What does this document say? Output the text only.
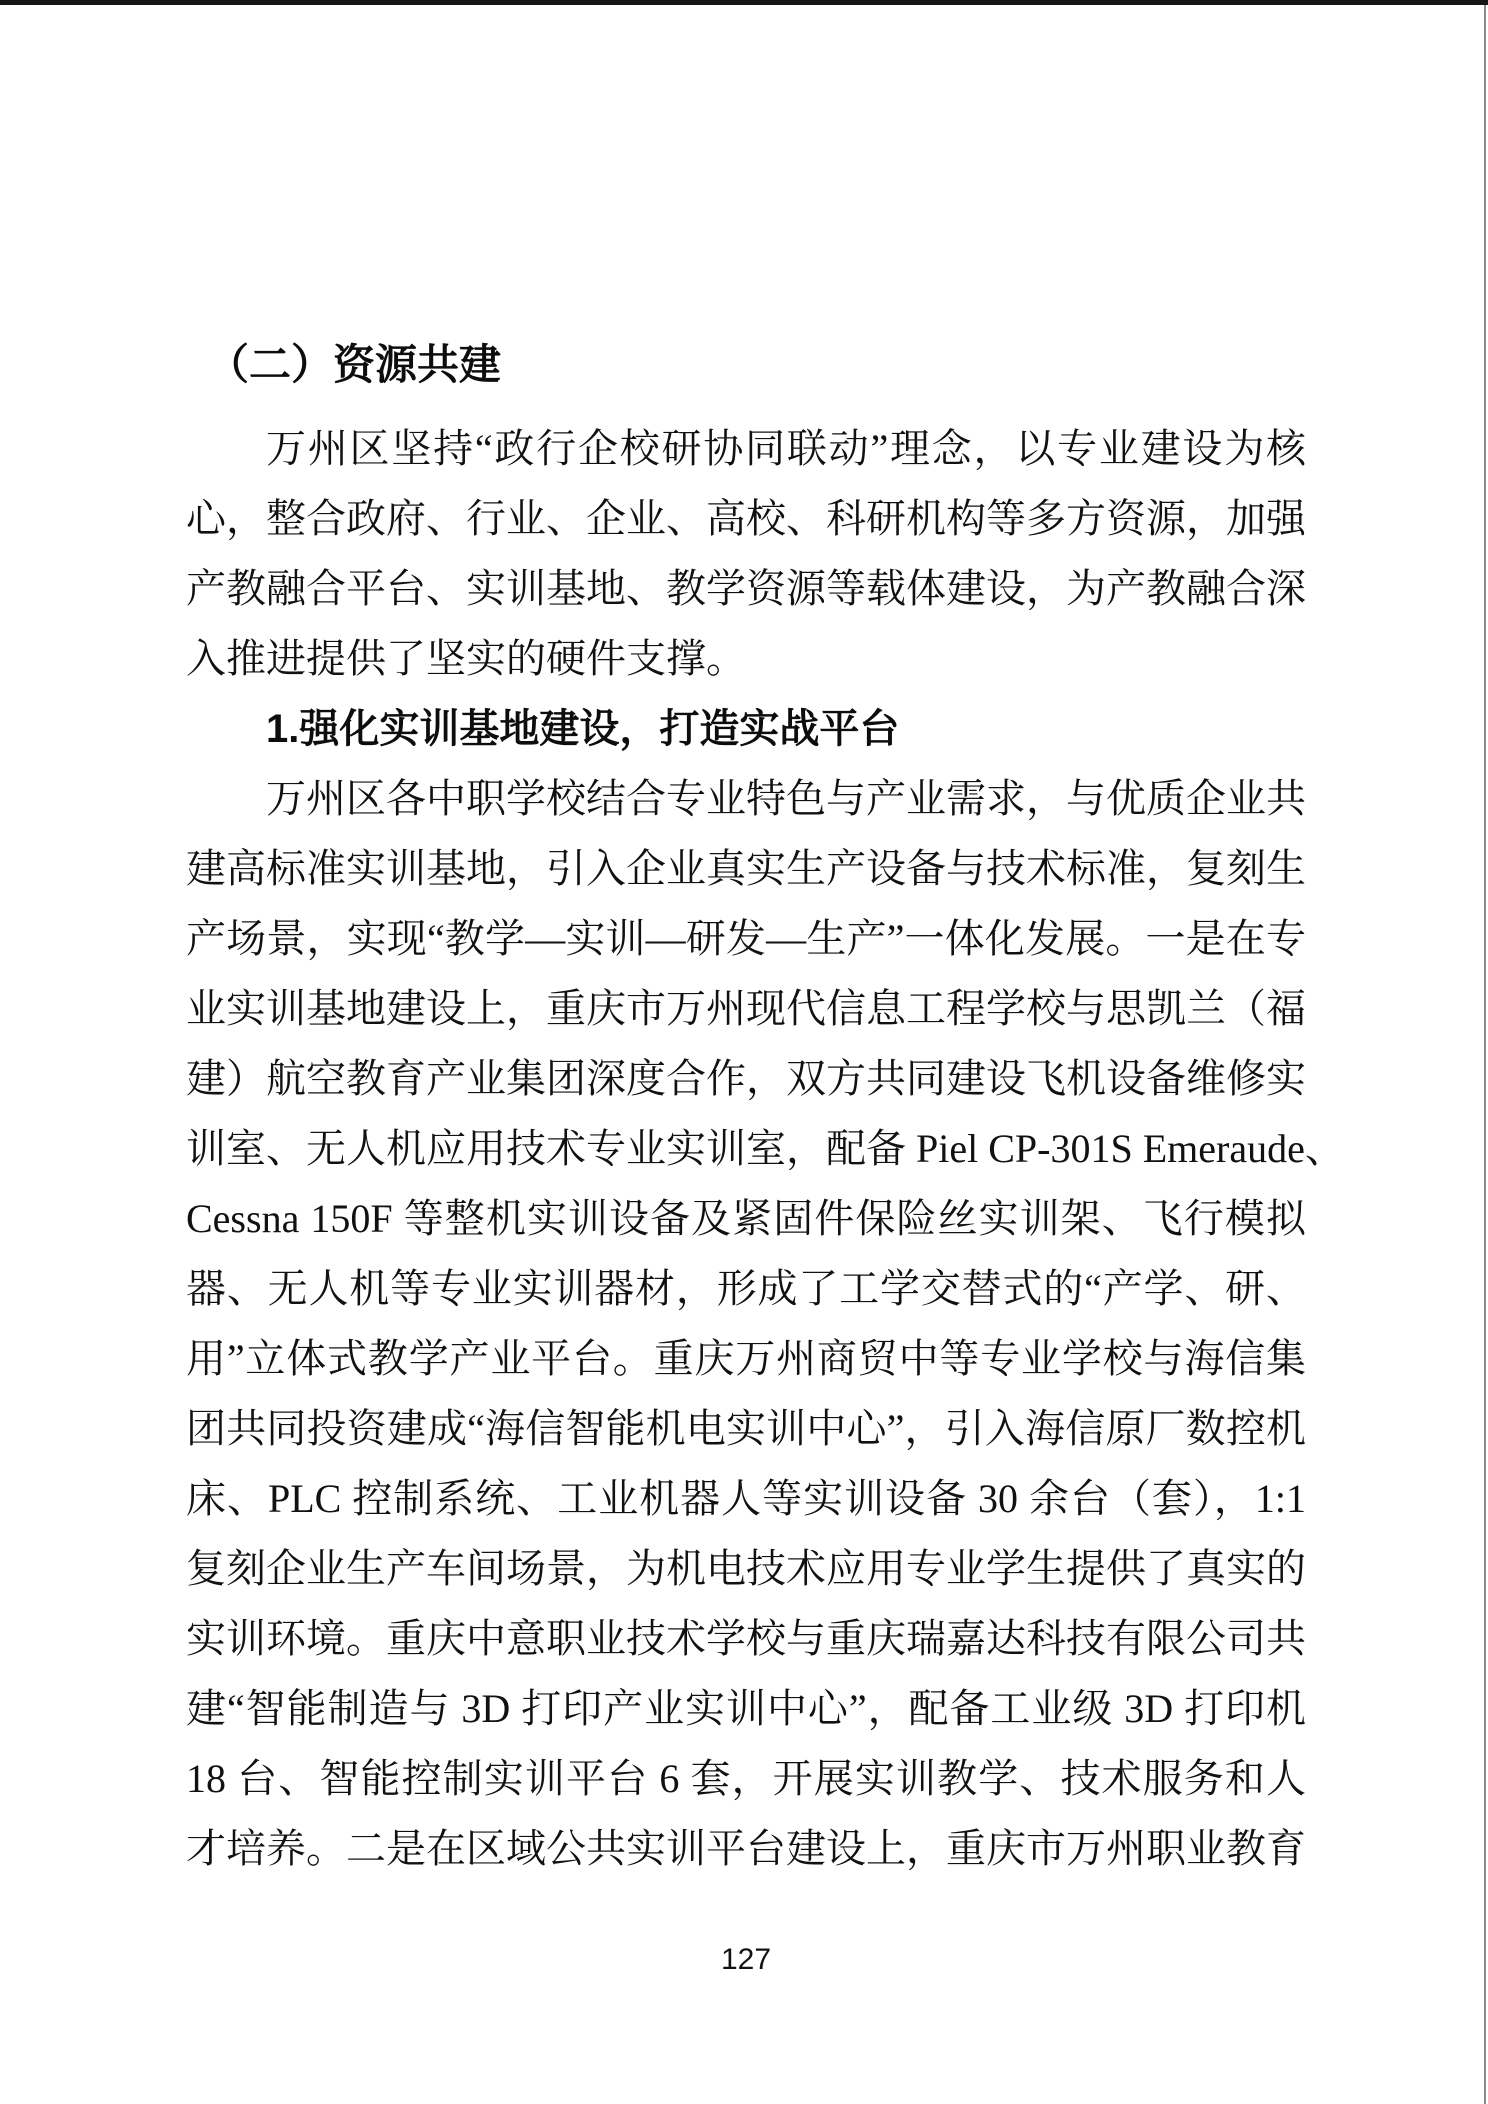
（二）资源共建
万州区坚持“政行企校研协同联动”理念，以专业建设为核
心，整合政府、行业、企业、高校、科研机构等多方资源，加强
产教融合平台、实训基地、教学资源等载体建设，为产教融合深
入推进提供了坚实的硬件支撑。
1.强化实训基地建设，打造实战平台
万州区各中职学校结合专业特色与产业需求，与优质企业共
建高标准实训基地，引入企业真实生产设备与技术标准，复刻生
产场景，实现“教学—实训—研发—生产”一体化发展。一是在专
业实训基地建设上，重庆市万州现代信息工程学校与思凯兰（福
建）航空教育产业集团深度合作，双方共同建设飞机设备维修实
训室、无人机应用技术专业实训室，配备 Piel CP-301S Emeraude、
Cessna 150F 等整机实训设备及紧固件保险丝实训架、飞行模拟
器、无人机等专业实训器材，形成了工学交替式的“产学、研、
用”立体式教学产业平台。重庆万州商贸中等专业学校与海信集
团共同投资建成“海信智能机电实训中心”，引入海信原厂数控机
床、PLC 控制系统、工业机器人等实训设备 30 余台（套），1:1
复刻企业生产车间场景，为机电技术应用专业学生提供了真实的
实训环境。重庆中意职业技术学校与重庆瑞嘉达科技有限公司共
建“智能制造与 3D 打印产业实训中心”，配备工业级 3D 打印机
18 台、智能控制实训平台 6 套，开展实训教学、技术服务和人
才培养。二是在区域公共实训平台建设上，重庆市万州职业教育
127
